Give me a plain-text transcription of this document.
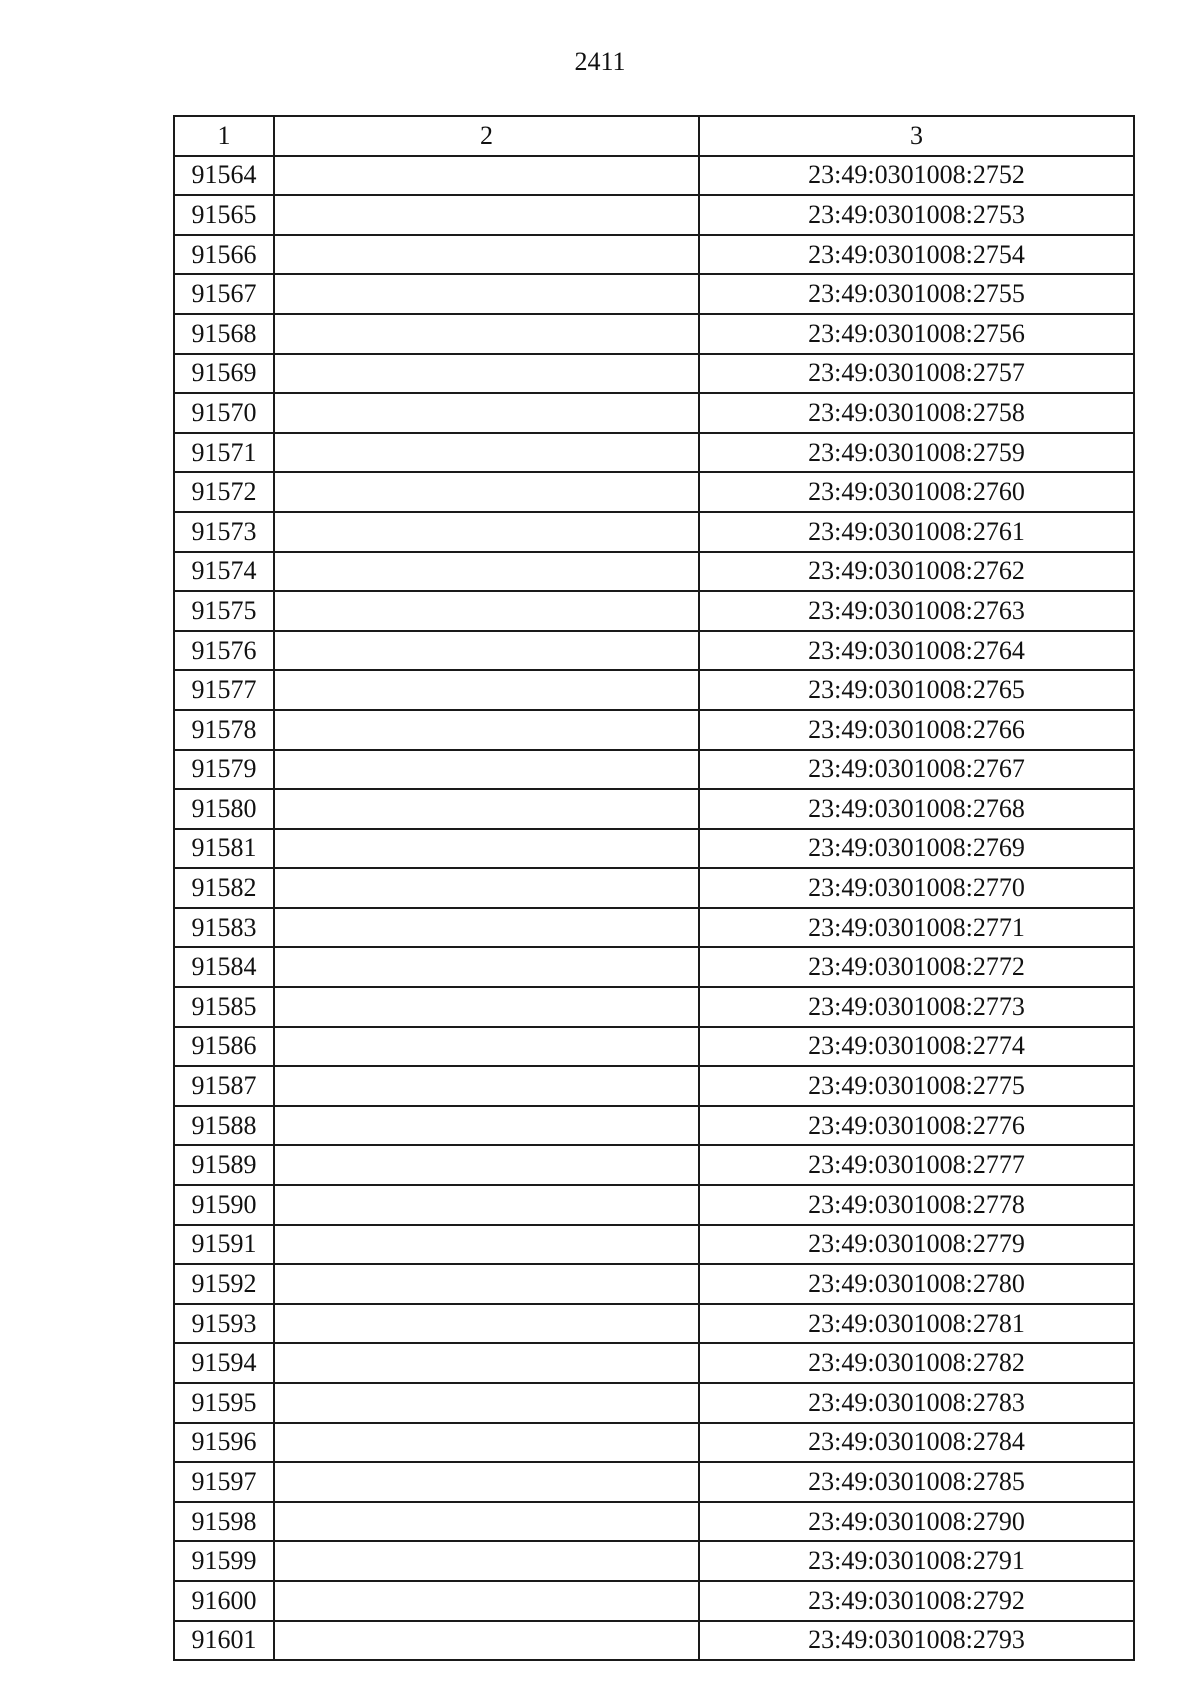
2411
1	2	3
91564		23:49:0301008:2752
91565		23:49:0301008:2753
91566		23:49:0301008:2754
91567		23:49:0301008:2755
91568		23:49:0301008:2756
91569		23:49:0301008:2757
91570		23:49:0301008:2758
91571		23:49:0301008:2759
91572		23:49:0301008:2760
91573		23:49:0301008:2761
91574		23:49:0301008:2762
91575		23:49:0301008:2763
91576		23:49:0301008:2764
91577		23:49:0301008:2765
91578		23:49:0301008:2766
91579		23:49:0301008:2767
91580		23:49:0301008:2768
91581		23:49:0301008:2769
91582		23:49:0301008:2770
91583		23:49:0301008:2771
91584		23:49:0301008:2772
91585		23:49:0301008:2773
91586		23:49:0301008:2774
91587		23:49:0301008:2775
91588		23:49:0301008:2776
91589		23:49:0301008:2777
91590		23:49:0301008:2778
91591		23:49:0301008:2779
91592		23:49:0301008:2780
91593		23:49:0301008:2781
91594		23:49:0301008:2782
91595		23:49:0301008:2783
91596		23:49:0301008:2784
91597		23:49:0301008:2785
91598		23:49:0301008:2790
91599		23:49:0301008:2791
91600		23:49:0301008:2792
91601		23:49:0301008:2793
